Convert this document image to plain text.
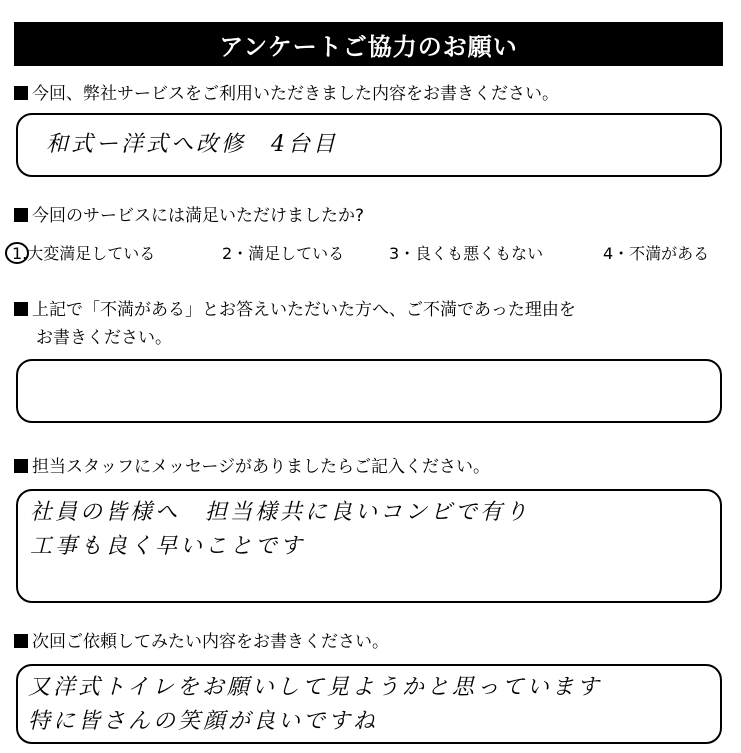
アンケートご協力のお願い
今回、弊社サービスをご利用いただきました内容をお書きください。
和式ー洋式へ改修　4台目
今回のサービスには満足いただけましたか?
1.大変満足している	2・満足している	3・良くも悪くもない	4・不満がある
上記で「不満がある」とお答えいただいた方へ、ご不満であった理由を
お書きください。
担当スタッフにメッセージがありましたらご記入ください。
社員の皆様へ　担当様共に良いコンビで有り
工事も良く早いことです
次回ご依頼してみたい内容をお書きください。
又洋式トイレをお願いして見ようかと思っています
特に皆さんの笑顔が良いですね
